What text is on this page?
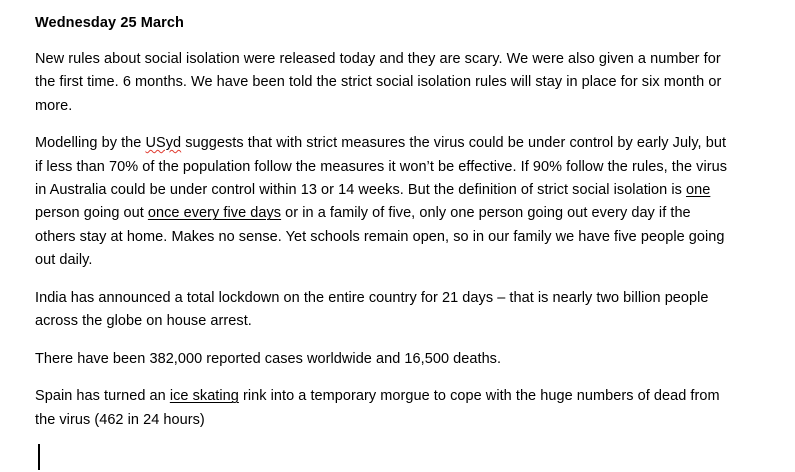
Wednesday 25 March

New rules about social isolation were released today and they are scary. We were also given a number for the first time. 6 months. We have been told the strict social isolation rules will stay in place for six month or more.

Modelling by the USyd suggests that with strict measures the virus could be under control by early July, but if less than 70% of the population follow the measures it won’t be effective. If 90% follow the rules, the virus in Australia could be under control within 13 or 14 weeks. But the definition of strict social isolation is one person going out once every five days or in a family of five, only one person going out every day if the others stay at home. Makes no sense. Yet schools remain open, so in our family we have five people going out daily.

India has announced a total lockdown on the entire country for 21 days – that is nearly two billion people across the globe on house arrest.

There have been 382,000 reported cases worldwide and 16,500 deaths.

Spain has turned an ice skating rink into a temporary morgue to cope with the huge numbers of dead from the virus (462 in 24 hours)
